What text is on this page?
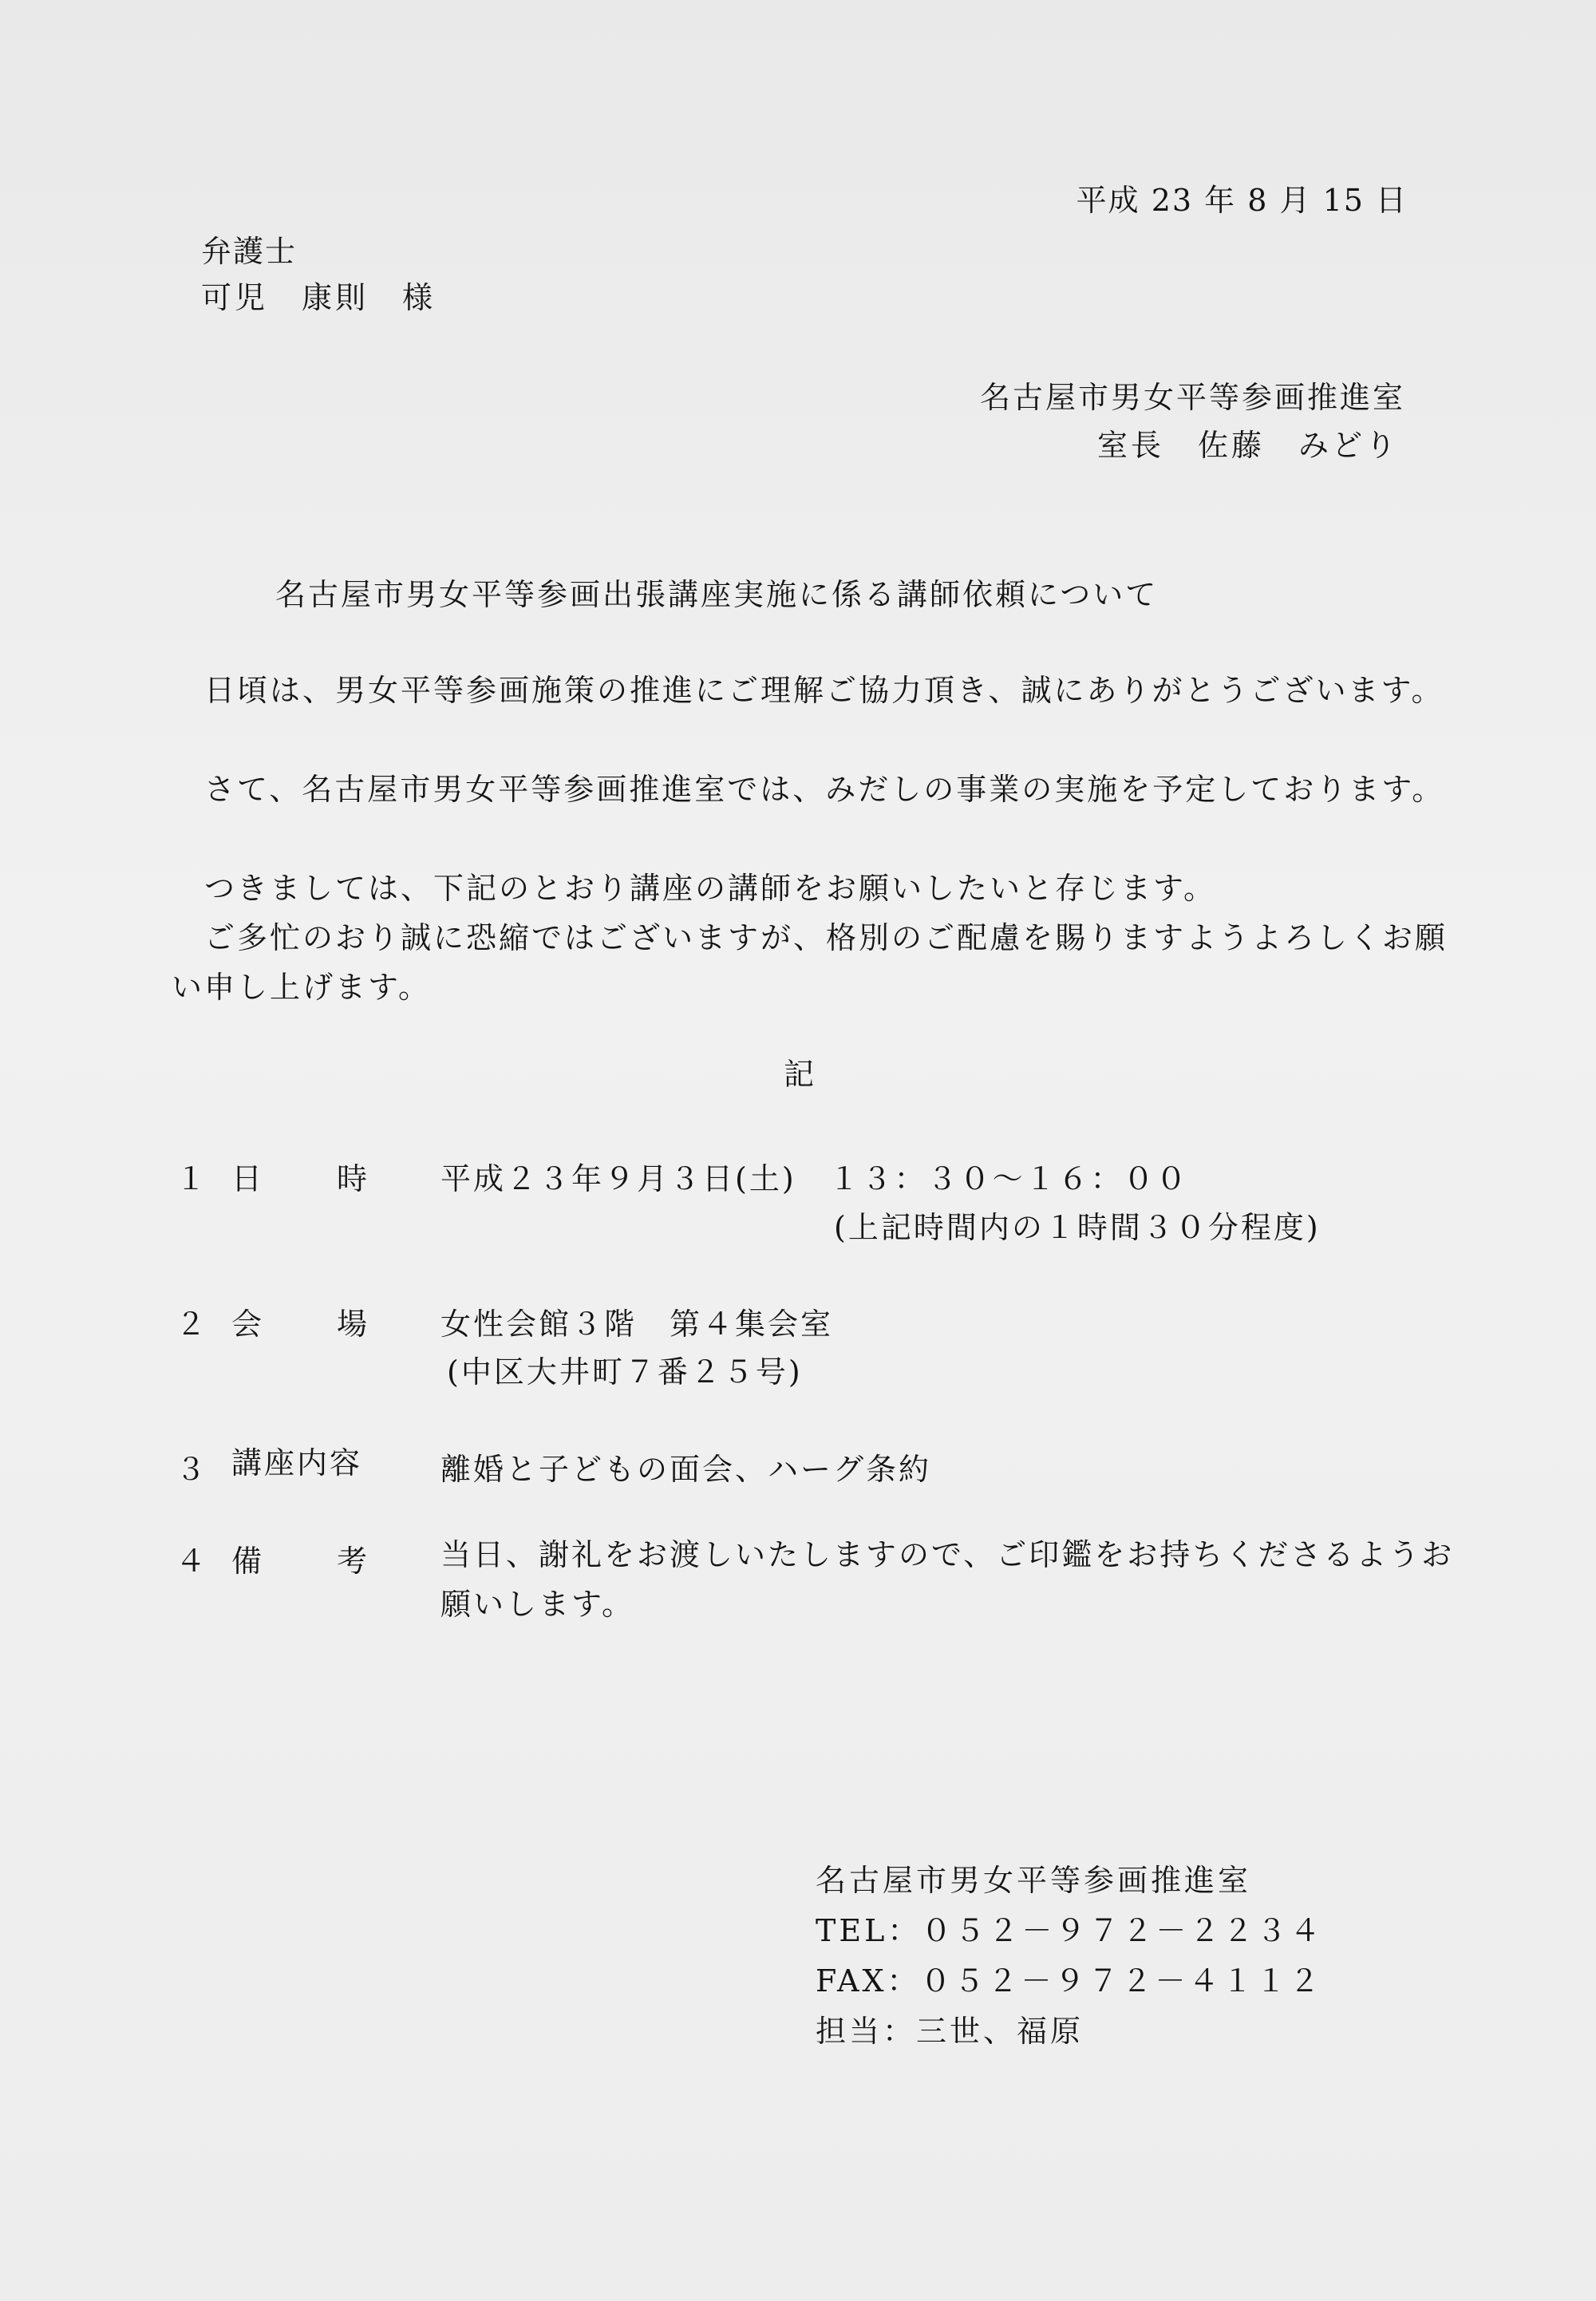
平成 23 年 8 月 15 日
弁護士
可児　康則　様
名古屋市男女平等参画推進室
室長　佐藤　みどり
名古屋市男女平等参画出張講座実施に係る講師依頼について
　日頃は、男女平等参画施策の推進にご理解ご協力頂き、誠にありがとうございます。
　さて、名古屋市男女平等参画推進室では、みだしの事業の実施を予定しております。
　つきましては、下記のとおり講座の講師をお願いしたいと存じます。
　ご多忙のおり誠に恐縮ではございますが、格別のご配慮を賜りますようよろしくお願い申し上げます。
記
１ 日 時 平成２３年９月３日(土)　１３：３０～１６：００
(上記時間内の１時間３０分程度)
２ 会 場 女性会館３階　第４集会室
(中区大井町７番２５号)
３ 講座内容	離婚と子どもの面会、ハーグ条約
４ 備 考 当日、謝礼をお渡しいたしますので、ご印鑑をお持ちくださるようお願いします。
名古屋市男女平等参画推進室
TEL：０５２－９７２－２２３４
FAX：０５２－９７２－４１１２
担当：三世、福原
